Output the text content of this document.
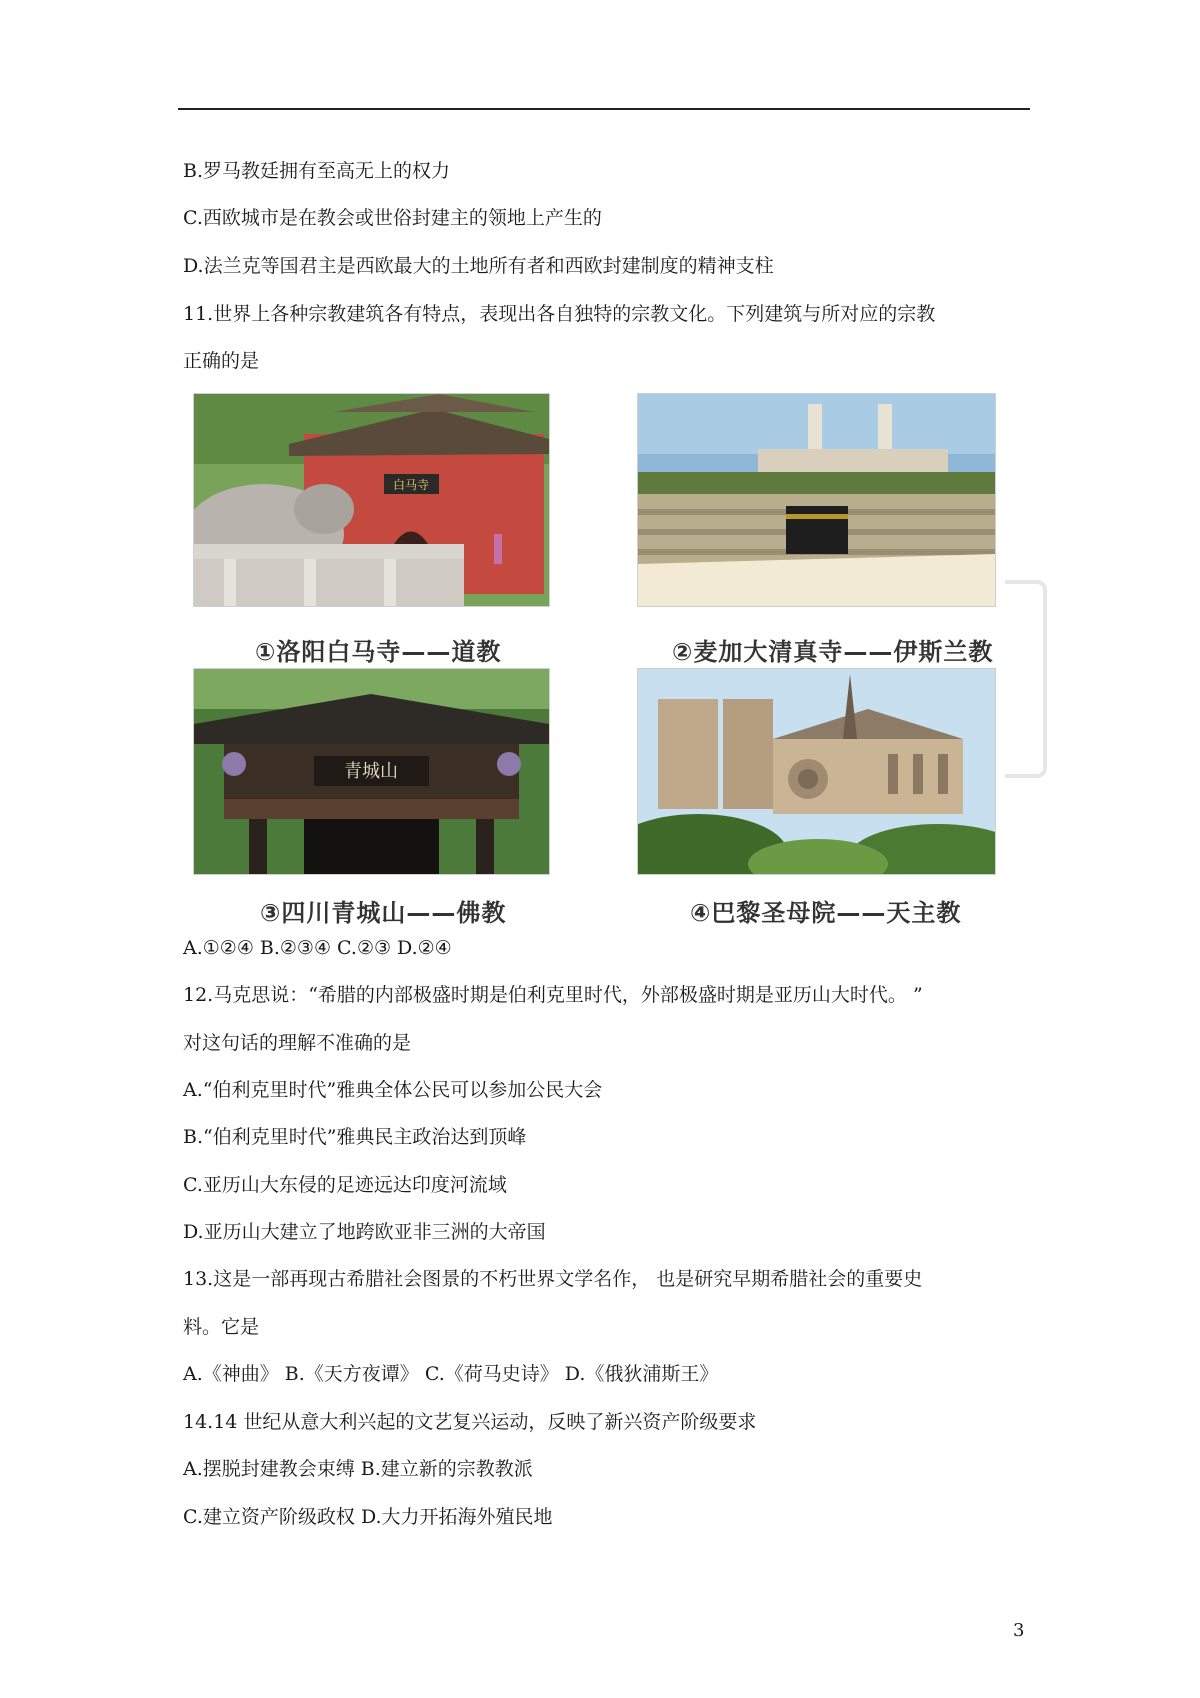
B.罗马教廷拥有至高无上的权力
C.西欧城市是在教会或世俗封建主的领地上产生的
D.法兰克等国君主是西欧最大的土地所有者和西欧封建制度的精神支柱
11.世界上各种宗教建筑各有特点，表现出各自独特的宗教文化。下列建筑与所对应的宗教
正确的是
白马寺
①洛阳白马寺——道教	②麦加大清真寺——伊斯兰教
青城山
③四川青城山——佛教	④巴黎圣母院——天主教
A.①②④ B.②③④ C.②③ D.②④
12.马克思说：“希腊的内部极盛时期是伯利克里时代，外部极盛时期是亚历山大时代。 ”
对这句话的理解不准确的是
A.“伯利克里时代”雅典全体公民可以参加公民大会
B.“伯利克里时代”雅典民主政治达到顶峰
C.亚历山大东侵的足迹远达印度河流域
D.亚历山大建立了地跨欧亚非三洲的大帝国
13.这是一部再现古希腊社会图景的不朽世界文学名作， 也是研究早期希腊社会的重要史
料。它是
A.《神曲》 B.《天方夜谭》 C.《荷马史诗》 D.《俄狄浦斯王》
14.14 世纪从意大利兴起的文艺复兴运动，反映了新兴资产阶级要求
A.摆脱封建教会束缚 B.建立新的宗教教派
C.建立资产阶级政权 D.大力开拓海外殖民地
3
